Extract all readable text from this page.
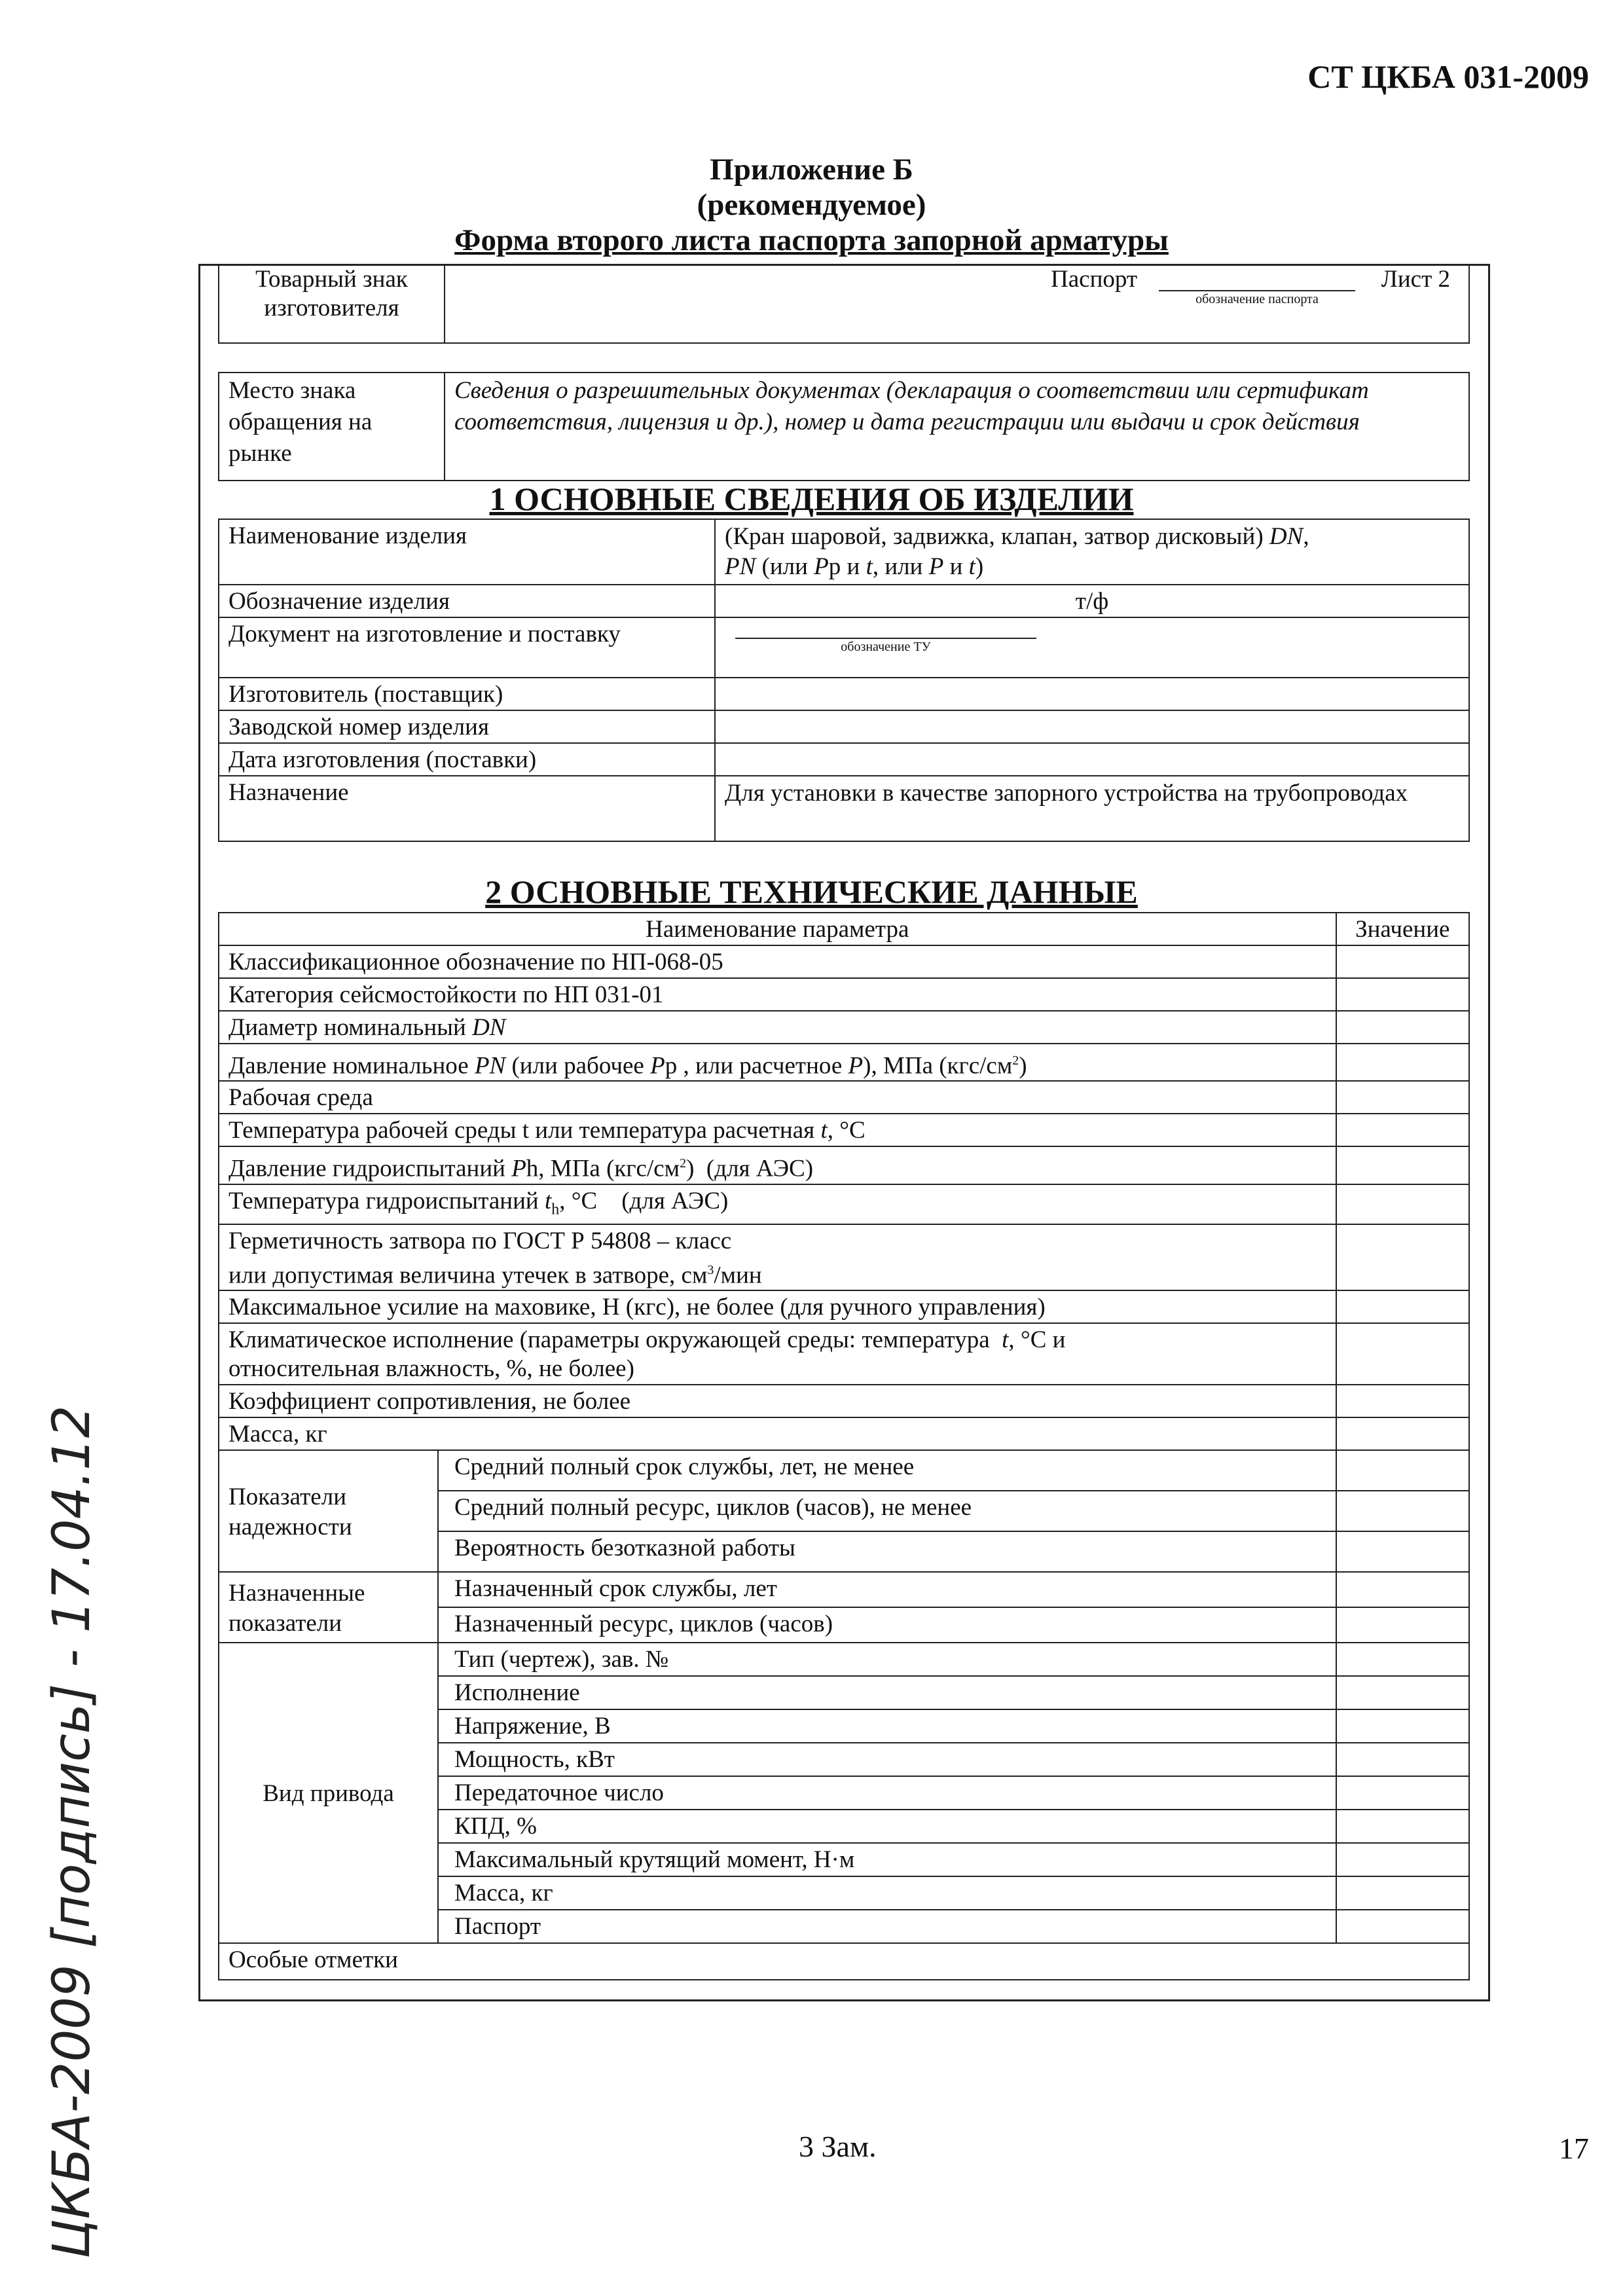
СТ ЦКБА 031-2009
Приложение Б
(рекомендуемое)
Форма второго листа паспорта запорной арматуры
Товарный знак изготовителя	
Паспорт
обозначение паспорта
Лист 2
Место знака обращения на рынке	Сведения о разрешительных документах (декларация о соответствии или сертификат соответствия, лицензия и др.), номер и дата регистрации или выдачи и срок действия
1 ОСНОВНЫЕ СВЕДЕНИЯ ОБ ИЗДЕЛИИ
Наименование изделия	(Кран шаровой, задвижка, клапан, затвор дисковый) DN,
PN (или Pр и t, или P и t)
Обозначение изделия	т/ф
Документ на изготовление и поставку	обозначение ТУ

Изготовитель (поставщик)	
Заводской номер изделия	
Дата изготовления (поставки)	
Назначение	Для установки в качестве запорного устройства на трубопроводах
2 ОСНОВНЫЕ ТЕХНИЧЕСКИЕ ДАННЫЕ
Наименование параметра		Значение
Классификационное обозначение по НП-068-05		
Категория сейсмостойкости по НП 031-01		
Диаметр номинальный DN		
Давление номинальное PN (или рабочее Pр , или расчетное P), МПа $(кгс/см^2)$		
Рабочая среда		
Температура рабочей среды t или температура расчетная t, °С		
Давление гидроиспытаний Ph, МПа $(кгс/см^2)$  (для АЭС)		
Температура гидроиспытаний $t_h$, °C    (для АЭС)		
Герметичность затвора по ГОСТ Р 54808 – класс
или допустимая величина утечек в затворе, $см^3$/мин		
Максимальное усилие на маховике, Н (кгс), не более (для ручного управления)		
Климатическое исполнение (параметры окружающей среды: температура  t, °С и
относительная влажность, %, не более)		
Коэффициент сопротивления, не более		
Масса, кг		
Показатели надежности	Средний полный срок службы, лет, не менее	
	Средний полный ресурс, циклов (часов), не менее	
	Вероятность безотказной работы	
Назначенные показатели	Назначенный срок службы, лет	
	Назначенный ресурс, циклов (часов)	
Вид привода	Тип (чертеж), зав. №	
	Исполнение	
	Напряжение, В	
	Мощность, кВт	
	Передаточное число	
	КПД, %	
	Максимальный крутящий момент, Н·м	
	Масса, кг	
	Паспорт	
Особые отметки		
ЦКБА-2009 [подпись] - 17.04.12	3 Зам.	17
